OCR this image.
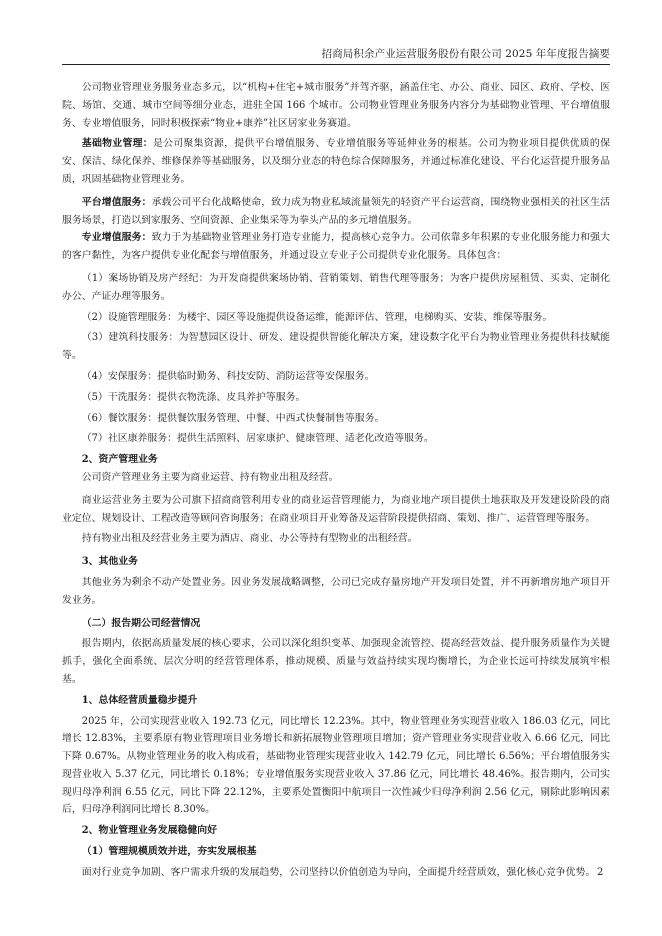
招商局积余产业运营服务股份有限公司 2025 年年度报告摘要

公司物业管理业务服务业态多元，以“机构+住宅+城市服务”并驾齐驱，涵盖住宅、办公、商业、园区、政府、学校、医院、场馆、交通、城市空间等细分业态，进驻全国 166 个城市。公司物业管理业务服务内容分为基础物业管理、平台增值服务、专业增值服务，同时积极探索“物业+康养”社区居家业务赛道。

基础物业管理：是公司聚集资源，提供平台增值服务、专业增值服务等延伸业务的根基。公司为物业项目提供优质的保安、保洁、绿化保养、维修保养等基础服务，以及细分业态的特色综合保障服务，并通过标准化建设、平台化运营提升服务品质，巩固基础物业管理业务。

平台增值服务：承载公司平台化战略使命，致力成为物业私域流量领先的轻资产平台运营商，围绕物业强相关的社区生活服务场景，打造以到家服务、空间资源、企业集采等为拳头产品的多元增值服务。

专业增值服务：致力于为基础物业管理业务打造专业能力，提高核心竞争力。公司依靠多年积累的专业化服务能力和强大的客户黏性，为客户提供专业化配套与增值服务，并通过设立专业子公司提供专业化服务。具体包含：

（1）案场协销及房产经纪：为开发商提供案场协销、营销策划、销售代理等服务；为客户提供房屋租赁、买卖、定制化办公、产证办理等服务。

（2）设施管理服务：为楼宇、园区等设施提供设备运维，能源评估、管理，电梯购买、安装、维保等服务。

（3）建筑科技服务：为智慧园区设计、研发、建设提供智能化解决方案，建设数字化平台为物业管理业务提供科技赋能等。

（4）安保服务：提供临时勤务、科技安防、消防运营等安保服务。

（5）干洗服务：提供衣物洗涤、皮具养护等服务。

（6）餐饮服务：提供餐饮服务管理、中餐、中西式快餐制售等服务。

（7）社区康养服务：提供生活照料、居家康护、健康管理、适老化改造等服务。

2、资产管理业务

公司资产管理业务主要为商业运营、持有物业出租及经营。

商业运营业务主要为公司旗下招商商管利用专业的商业运营管理能力，为商业地产项目提供土地获取及开发建设阶段的商业定位、规划设计、工程改造等顾问咨询服务；在商业项目开业筹备及运营阶段提供招商、策划、推广、运营管理等服务。

持有物业出租及经营业务主要为酒店、商业、办公等持有型物业的出租经营。

3、其他业务

其他业务为剩余不动产处置业务。因业务发展战略调整，公司已完成存量房地产开发项目处置，并不再新增房地产项目开发业务。

（二）报告期公司经营情况

报告期内，依据高质量发展的核心要求，公司以深化组织变革、加强现金流管控、提高经营效益、提升服务质量作为关键抓手，强化全面系统、层次分明的经营管理体系，推动规模、质量与效益持续实现均衡增长，为企业长远可持续发展筑牢根基。

1、总体经营质量稳步提升

2025 年，公司实现营业收入 192.73 亿元，同比增长 12.23%。其中，物业管理业务实现营业收入 186.03 亿元，同比增长 12.83%，主要系原有物业管理项目业务增长和新拓展物业管理项目增加；资产管理业务实现营业收入 6.66 亿元，同比下降 0.67%。从物业管理业务的收入构成看，基础物业管理实现营业收入 142.79 亿元，同比增长 6.56%；平台增值服务实现营业收入 5.37 亿元，同比增长 0.18%；专业增值服务实现营业收入 37.86 亿元，同比增长 48.46%。报告期内，公司实现归母净利润 6.55 亿元，同比下降 22.12%，主要系处置衡阳中航项目一次性减少归母净利润 2.56 亿元，剔除此影响因素后，归母净利润同比增长 8.30%。

2、物业管理业务发展稳健向好

（1）管理规模质效并进，夯实发展根基

面对行业竞争加剧、客户需求升级的发展趋势，公司坚持以价值创造为导向，全面提升经营质效，强化核心竞争优势。 2
